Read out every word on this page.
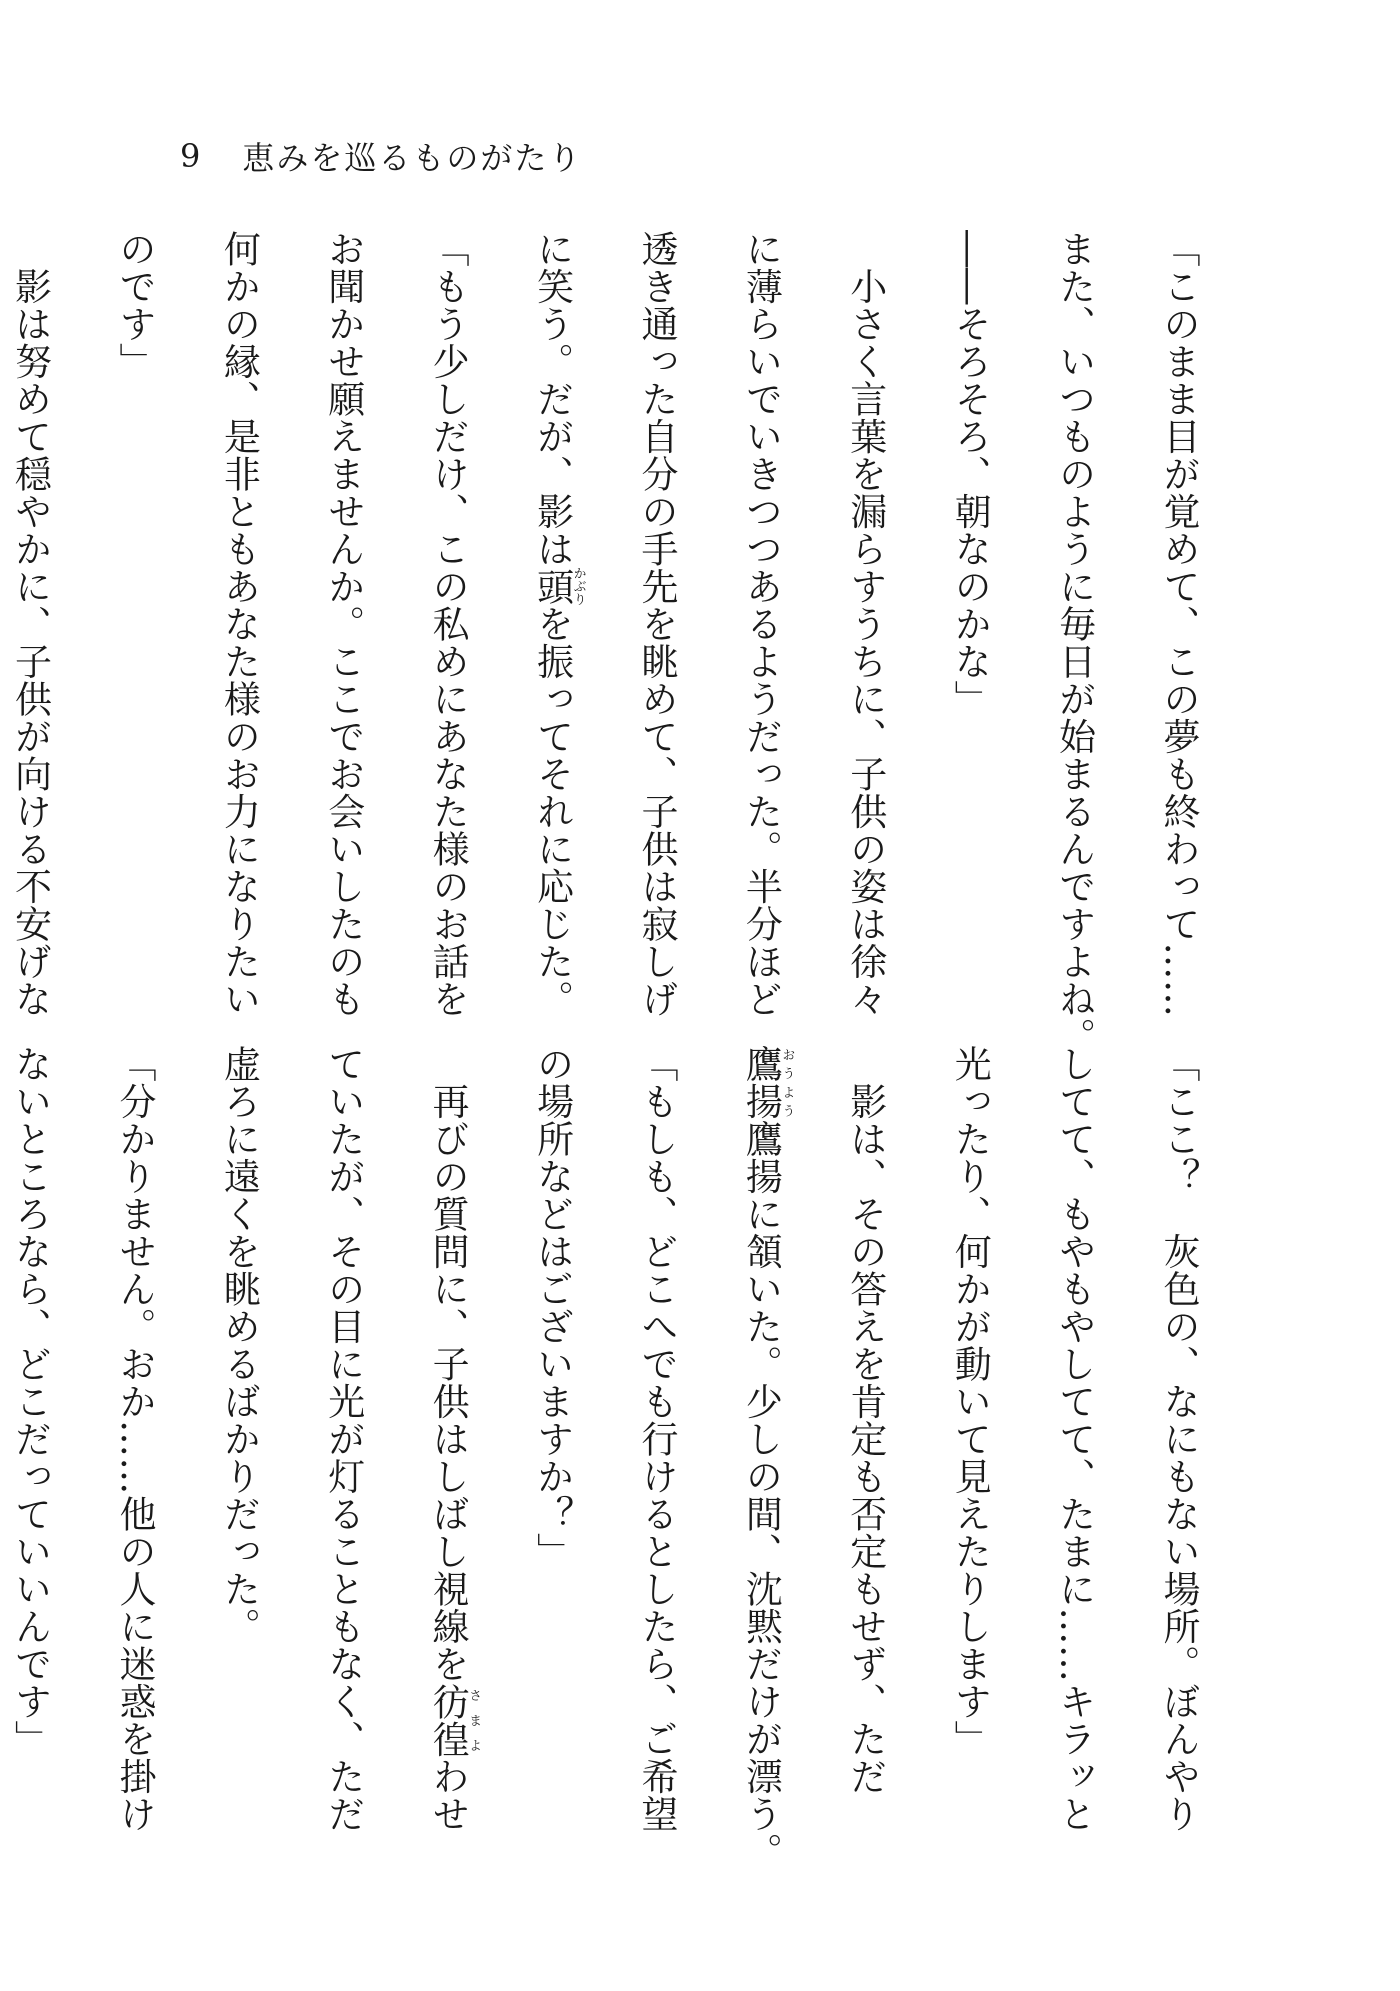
9 恵みを巡るものがたり
「このまま目が覚めて、この夢も終わって……
また、いつものように毎日が始まるんですよね。
――そろそろ、朝なのかな」
　小さく言葉を漏らすうちに、子供の姿は徐々
に薄らいでいきつつあるようだった。半分ほど
透き通った自分の手先を眺めて、子供は寂しげ
に笑う。だが、影は頭かぶりを振ってそれに応じた。
「もう少しだけ、この私めにあなた様のお話を
お聞かせ願えませんか。ここでお会いしたのも
何かの縁、是非ともあなた様のお力になりたい
のです」
　影は努めて穏やかに、子供が向ける不安げな
「ここ？　灰色の、なにもない場所。ぼんやり
してて、もやもやしてて、たまに……キラッと
光ったり、何かが動いて見えたりします」
　影は、その答えを肯定も否定もせず、ただ
鷹揚おうよう鷹揚に頷いた。少しの間、沈黙だけが漂う。
「もしも、どこへでも行けるとしたら、ご希望
の場所などはございますか？」
　再びの質問に、子供はしばし視線を彷徨さまよわせ
ていたが、その目に光が灯ることもなく、ただ
虚ろに遠くを眺めるばかりだった。
「分かりません。おか……他の人に迷惑を掛け
ないところなら、どこだっていいんです」
